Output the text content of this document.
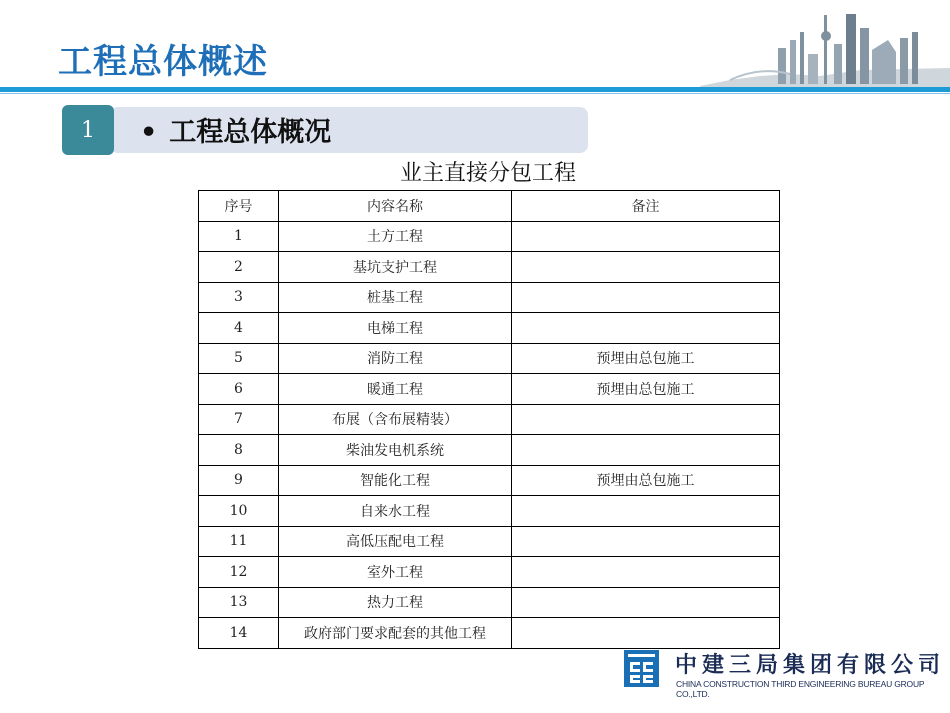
工程总体概述
1	• 工程总体概况
业主直接分包工程
序号	内容名称	备注
1	土方工程	
2	基坑支护工程	
3	桩基工程	
4	电梯工程	
5	消防工程	预埋由总包施工
6	暖通工程	预埋由总包施工
7	布展（含布展精装）	
8	柴油发电机系统	
9	智能化工程	预埋由总包施工
10	自来水工程	
11	高低压配电工程	
12	室外工程	
13	热力工程	
14	政府部门要求配套的其他工程	
中建三局集团有限公司
CHINA CONSTRUCTION THIRD ENGINEERING BUREAU GROUP CO.,LTD.
